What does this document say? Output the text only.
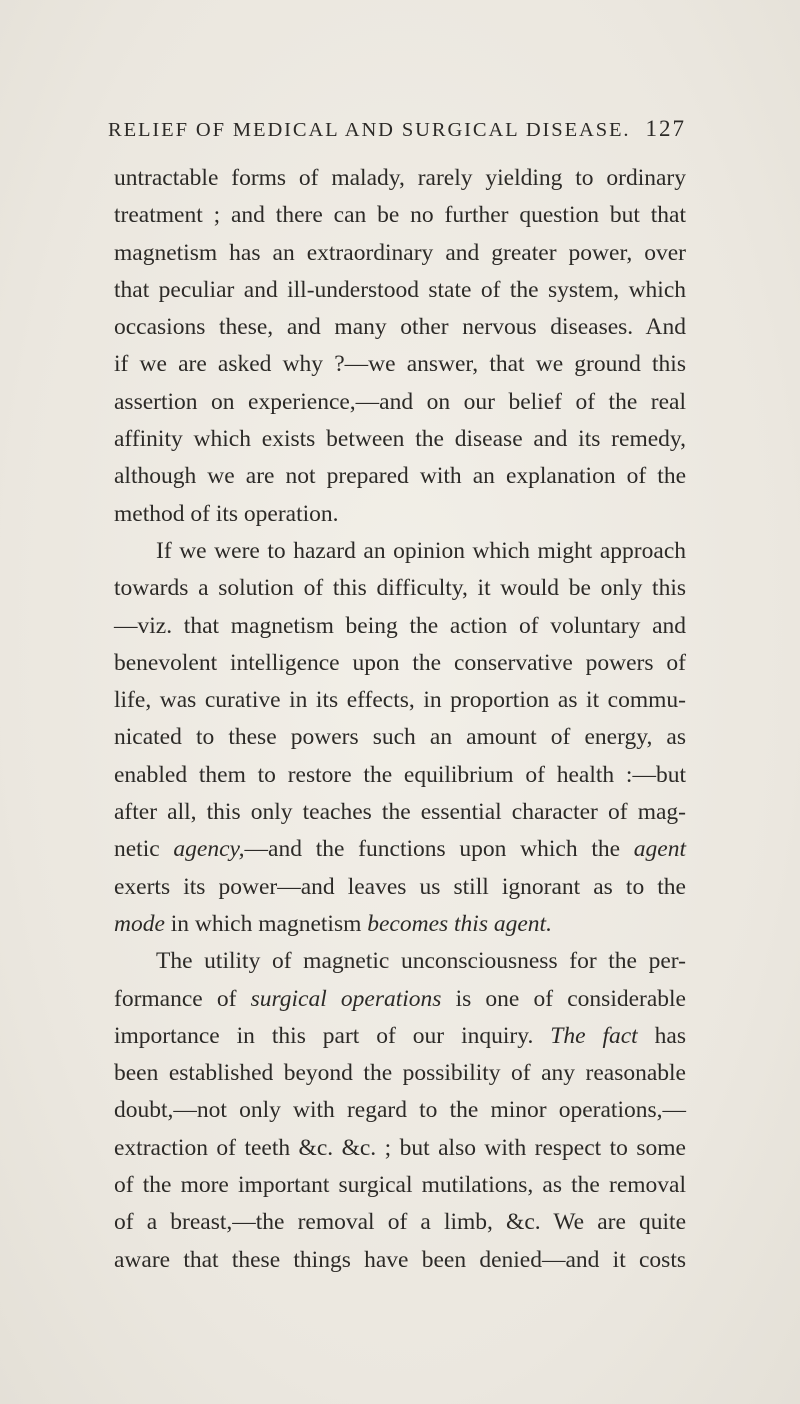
RELIEF OF MEDICAL AND SURGICAL DISEASE. 127
untractable forms of malady, rarely yielding to ordinary
treatment ; and there can be no further question but that
magnetism has an extraordinary and greater power, over
that peculiar and ill-understood state of the system, which
occasions these, and many other nervous diseases. And
if we are asked why ?—we answer, that we ground this
assertion on experience,—and on our belief of the real
affinity which exists between the disease and its remedy,
although we are not prepared with an explanation of the
method of its operation.
If we were to hazard an opinion which might approach
towards a solution of this difficulty, it would be only this
—viz. that magnetism being the action of voluntary and
benevolent intelligence upon the conservative powers of
life, was curative in its effects, in proportion as it commu-
nicated to these powers such an amount of energy, as
enabled them to restore the equilibrium of health :—but
after all, this only teaches the essential character of mag-
netic agency,—and the functions upon which the agent
exerts its power—and leaves us still ignorant as to the
mode in which magnetism becomes this agent.
The utility of magnetic unconsciousness for the per-
formance of surgical operations is one of considerable
importance in this part of our inquiry. The fact has
been established beyond the possibility of any reasonable
doubt,—not only with regard to the minor operations,—
extraction of teeth &c. &c. ; but also with respect to some
of the more important surgical mutilations, as the removal
of a breast,—the removal of a limb, &c. We are quite
aware that these things have been denied—and it costs
